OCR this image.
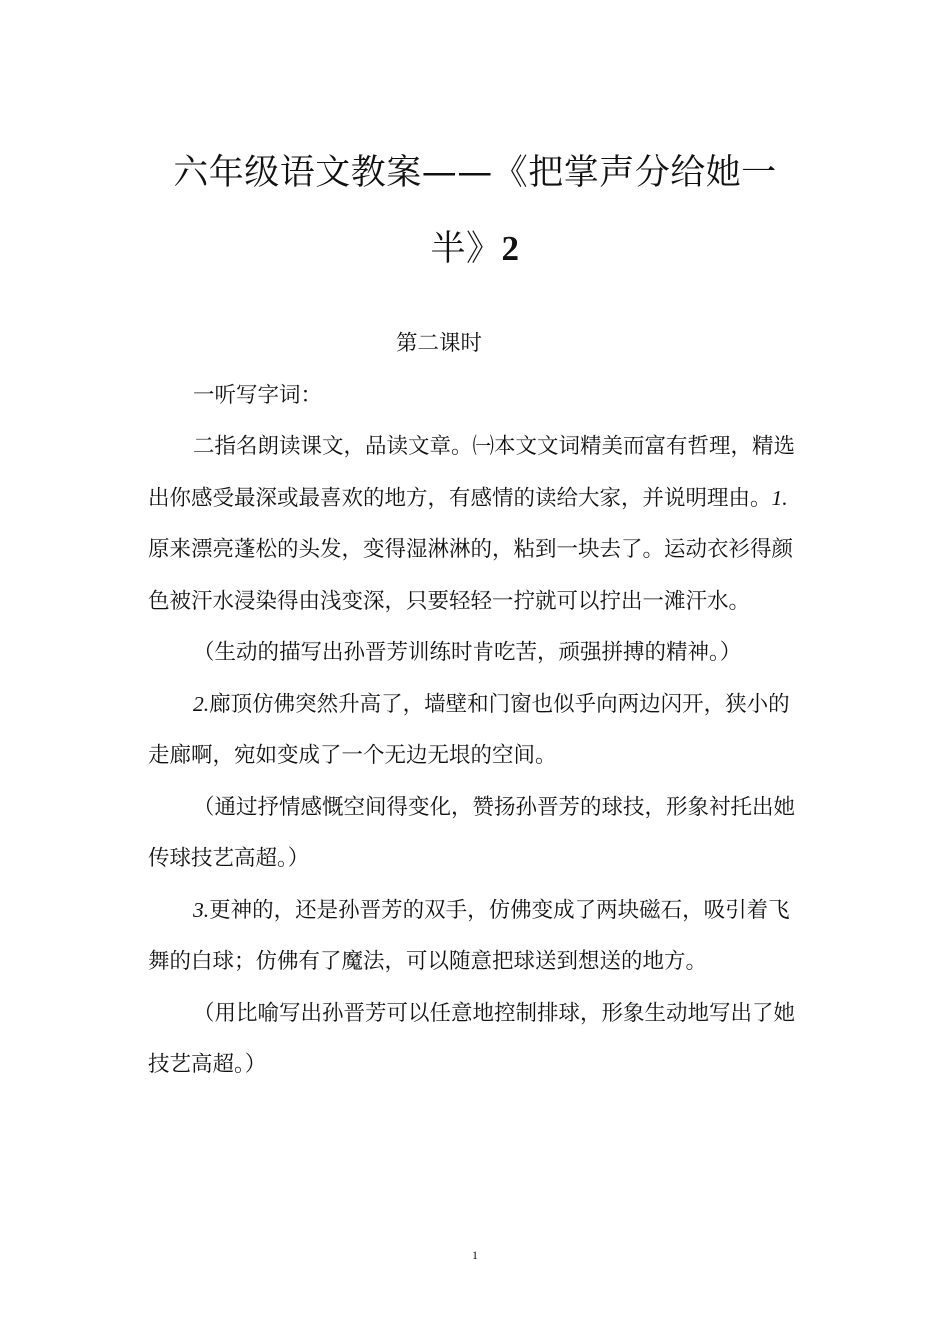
六年级语文教案——《把掌声分给她一半》2

第二课时

一听写字词：

二指名朗读课文，品读文章。㈠本文文词精美而富有哲理，精选出你感受最深或最喜欢的地方，有感情的读给大家，并说明理由。1.原来漂亮蓬松的头发，变得湿淋淋的，粘到一块去了。运动衣衫得颜色被汗水浸染得由浅变深，只要轻轻一拧就可以拧出一滩汗水。

（生动的描写出孙晋芳训练时肯吃苦，顽强拼搏的精神。）

2.廊顶仿佛突然升高了，墙壁和门窗也似乎向两边闪开，狭小的走廊啊，宛如变成了一个无边无垠的空间。

（通过抒情感慨空间得变化，赞扬孙晋芳的球技，形象衬托出她传球技艺高超。）

3.更神的，还是孙晋芳的双手，仿佛变成了两块磁石，吸引着飞舞的白球；仿佛有了魔法，可以随意把球送到想送的地方。

（用比喻写出孙晋芳可以任意地控制排球，形象生动地写出了她技艺高超。）

1
